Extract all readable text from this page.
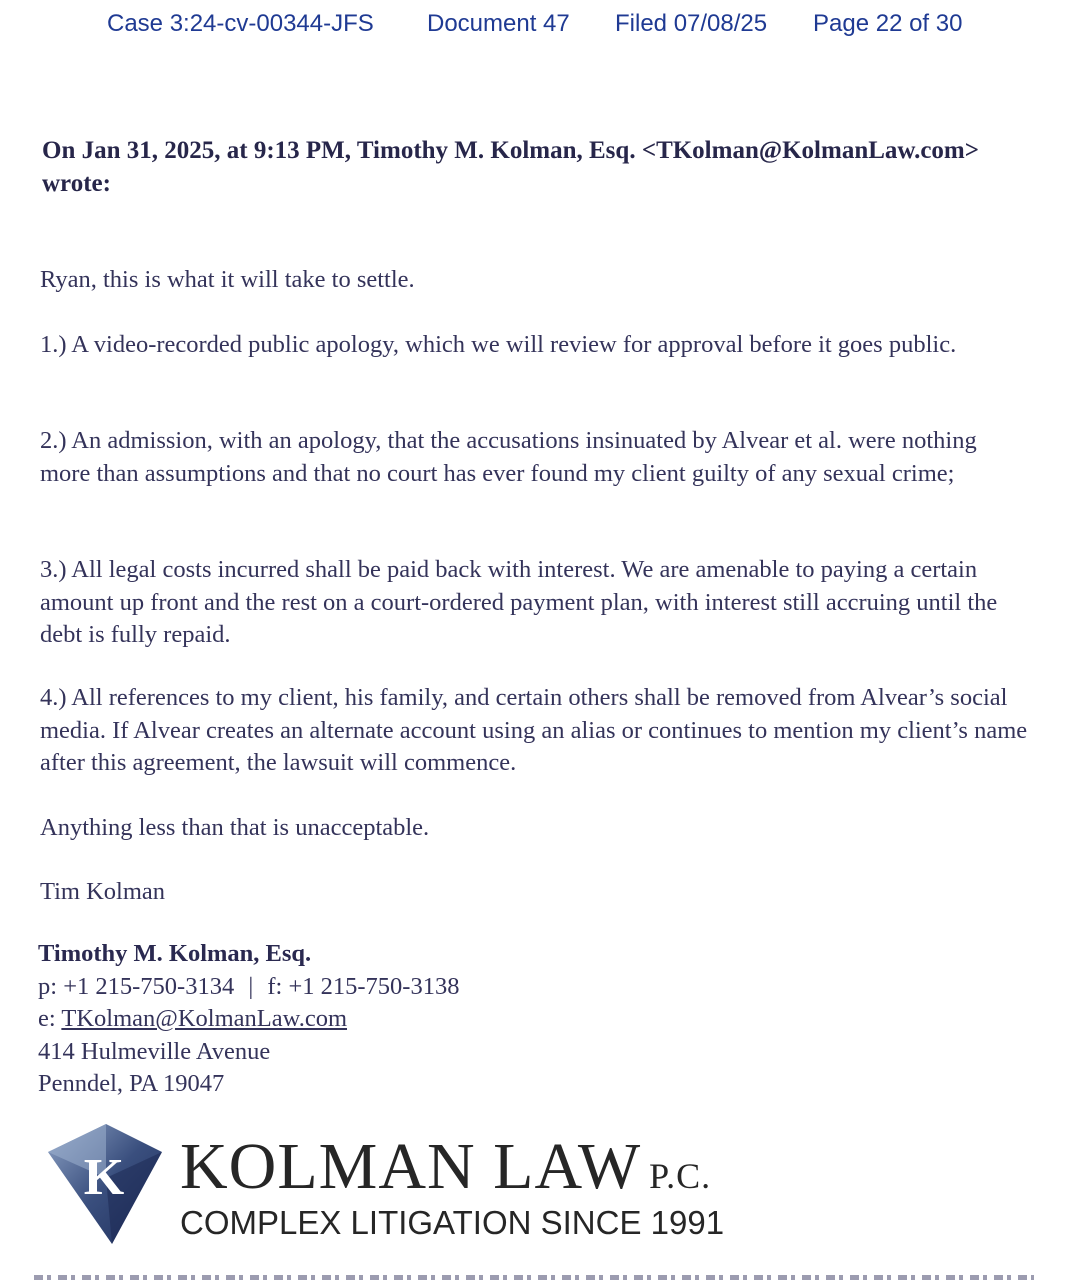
Case 3:24-cv-00344-JFS Document 47 Filed 07/08/25 Page 22 of 30
On Jan 31, 2025, at 9:13 PM, Timothy M. Kolman, Esq. <TKolman@KolmanLaw.com>
wrote:
Ryan, this is what it will take to settle.
1.) A video-recorded public apology, which we will review for approval before it goes public.
2.) An admission, with an apology, that the accusations insinuated by Alvear et al. were nothing more than assumptions and that no court has ever found my client guilty of any sexual crime;
3.) All legal costs incurred shall be paid back with interest. We are amenable to paying a certain amount up front and the rest on a court-ordered payment plan, with interest still accruing until the debt is fully repaid.
4.) All references to my client, his family, and certain others shall be removed from Alvear’s social media. If Alvear creates an alternate account using an alias or continues to mention my client’s name after this agreement, the lawsuit will commence.
Anything less than that is unacceptable.
Tim Kolman
Timothy M. Kolman, Esq.
p: +1 215-750-3134 | f: +1 215-750-3138
e: TKolman@KolmanLaw.com
414 Hulmeville Avenue
Penndel, PA 19047
K KOLMAN LAW P.C.
COMPLEX LITIGATION SINCE 1991
